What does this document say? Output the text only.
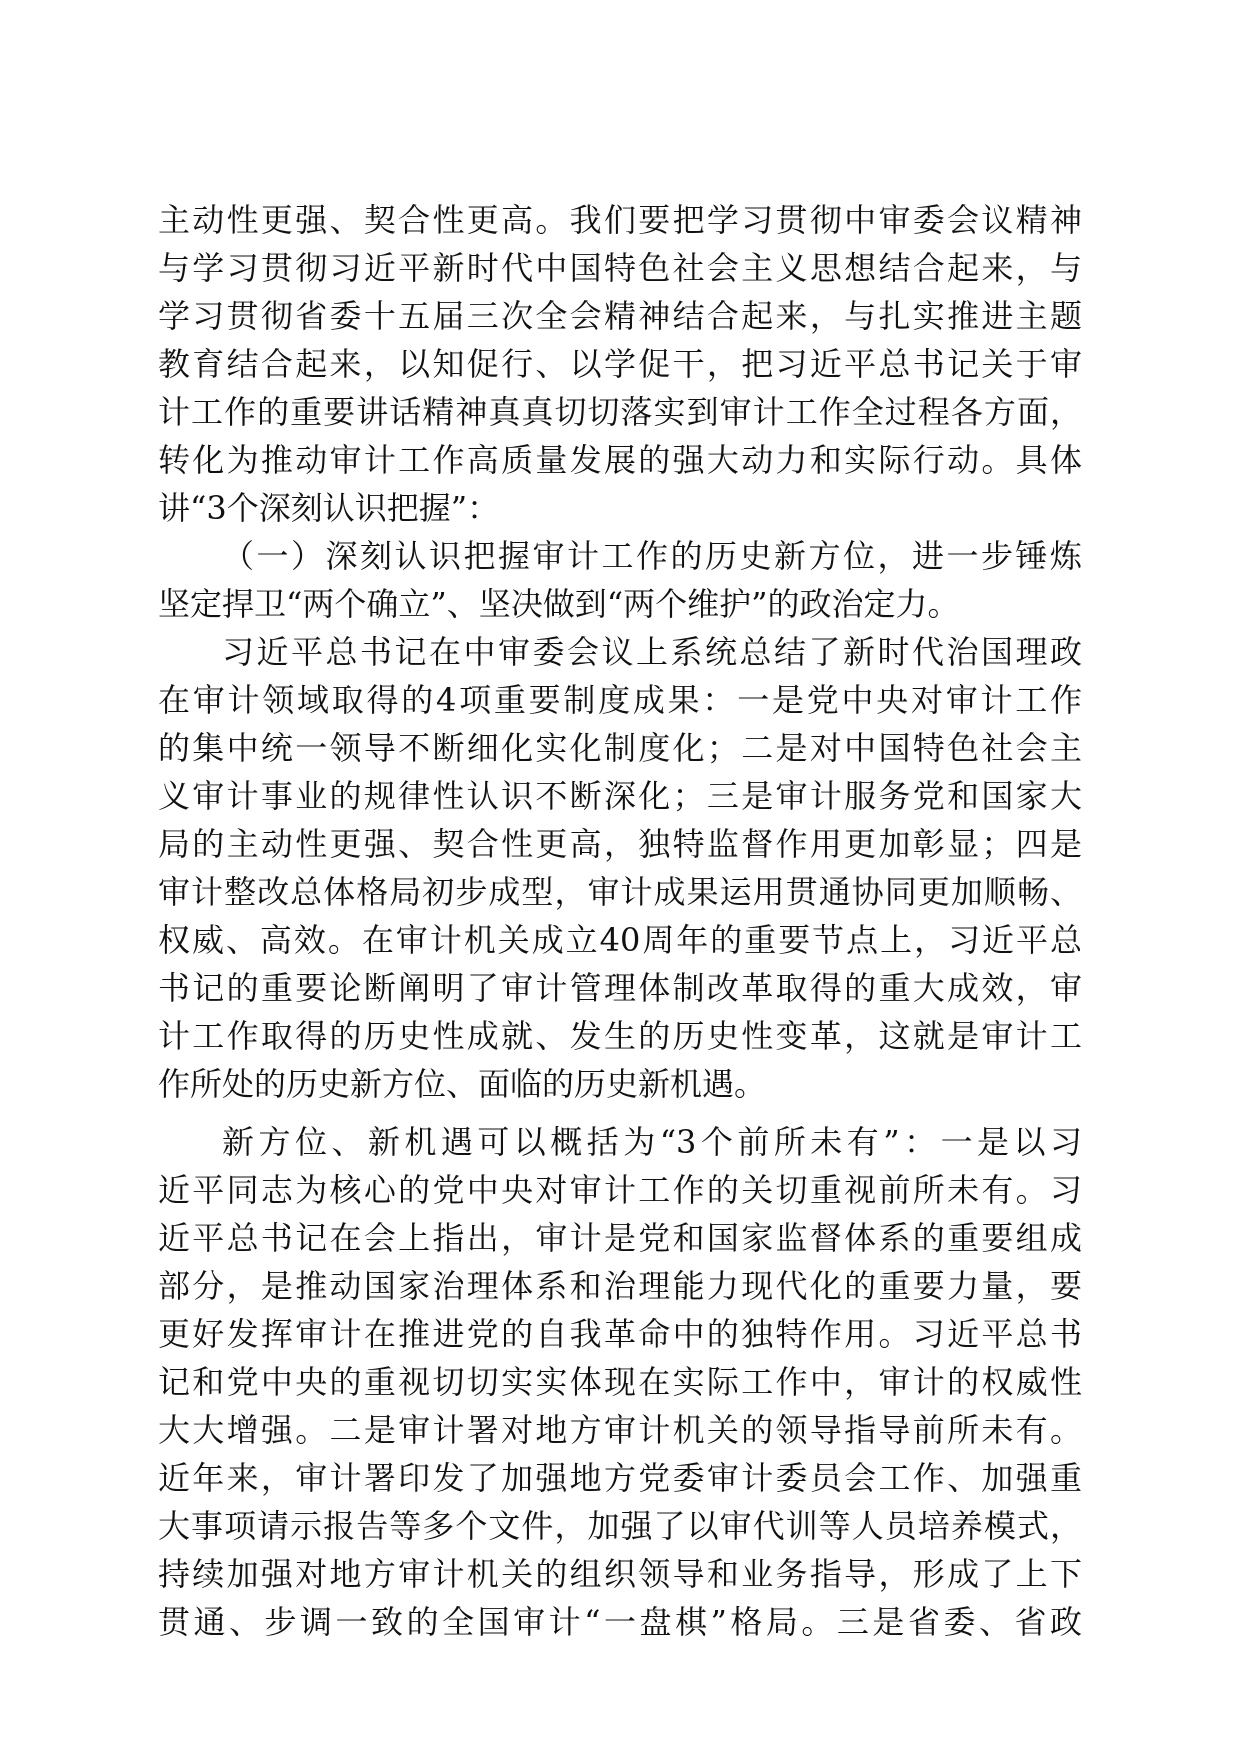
主动性更强、契合性更高。我们要把学习贯彻中审委会议精神
与学习贯彻习近平新时代中国特色社会主义思想结合起来，与
学习贯彻省委十五届三次全会精神结合起来，与扎实推进主题
教育结合起来，以知促行、以学促干，把习近平总书记关于审
计工作的重要讲话精神真真切切落实到审计工作全过程各方面，
转化为推动审计工作高质量发展的强大动力和实际行动。具体
讲“3个深刻认识把握”：
（一）深刻认识把握审计工作的历史新方位，进一步锤炼
坚定捍卫“两个确立”、坚决做到“两个维护”的政治定力。
习近平总书记在中审委会议上系统总结了新时代治国理政
在审计领域取得的4项重要制度成果：一是党中央对审计工作
的集中统一领导不断细化实化制度化；二是对中国特色社会主
义审计事业的规律性认识不断深化；三是审计服务党和国家大
局的主动性更强、契合性更高，独特监督作用更加彰显；四是
审计整改总体格局初步成型，审计成果运用贯通协同更加顺畅、
权威、高效。在审计机关成立40周年的重要节点上，习近平总
书记的重要论断阐明了审计管理体制改革取得的重大成效，审
计工作取得的历史性成就、发生的历史性变革，这就是审计工
作所处的历史新方位、面临的历史新机遇。
新方位、新机遇可以概括为“3个前所未有”：一是以习
近平同志为核心的党中央对审计工作的关切重视前所未有。习
近平总书记在会上指出，审计是党和国家监督体系的重要组成
部分，是推动国家治理体系和治理能力现代化的重要力量，要
更好发挥审计在推进党的自我革命中的独特作用。习近平总书
记和党中央的重视切切实实体现在实际工作中，审计的权威性
大大增强。二是审计署对地方审计机关的领导指导前所未有。
近年来，审计署印发了加强地方党委审计委员会工作、加强重
大事项请示报告等多个文件，加强了以审代训等人员培养模式，
持续加强对地方审计机关的组织领导和业务指导，形成了上下
贯通、步调一致的全国审计“一盘棋”格局。三是省委、省政
